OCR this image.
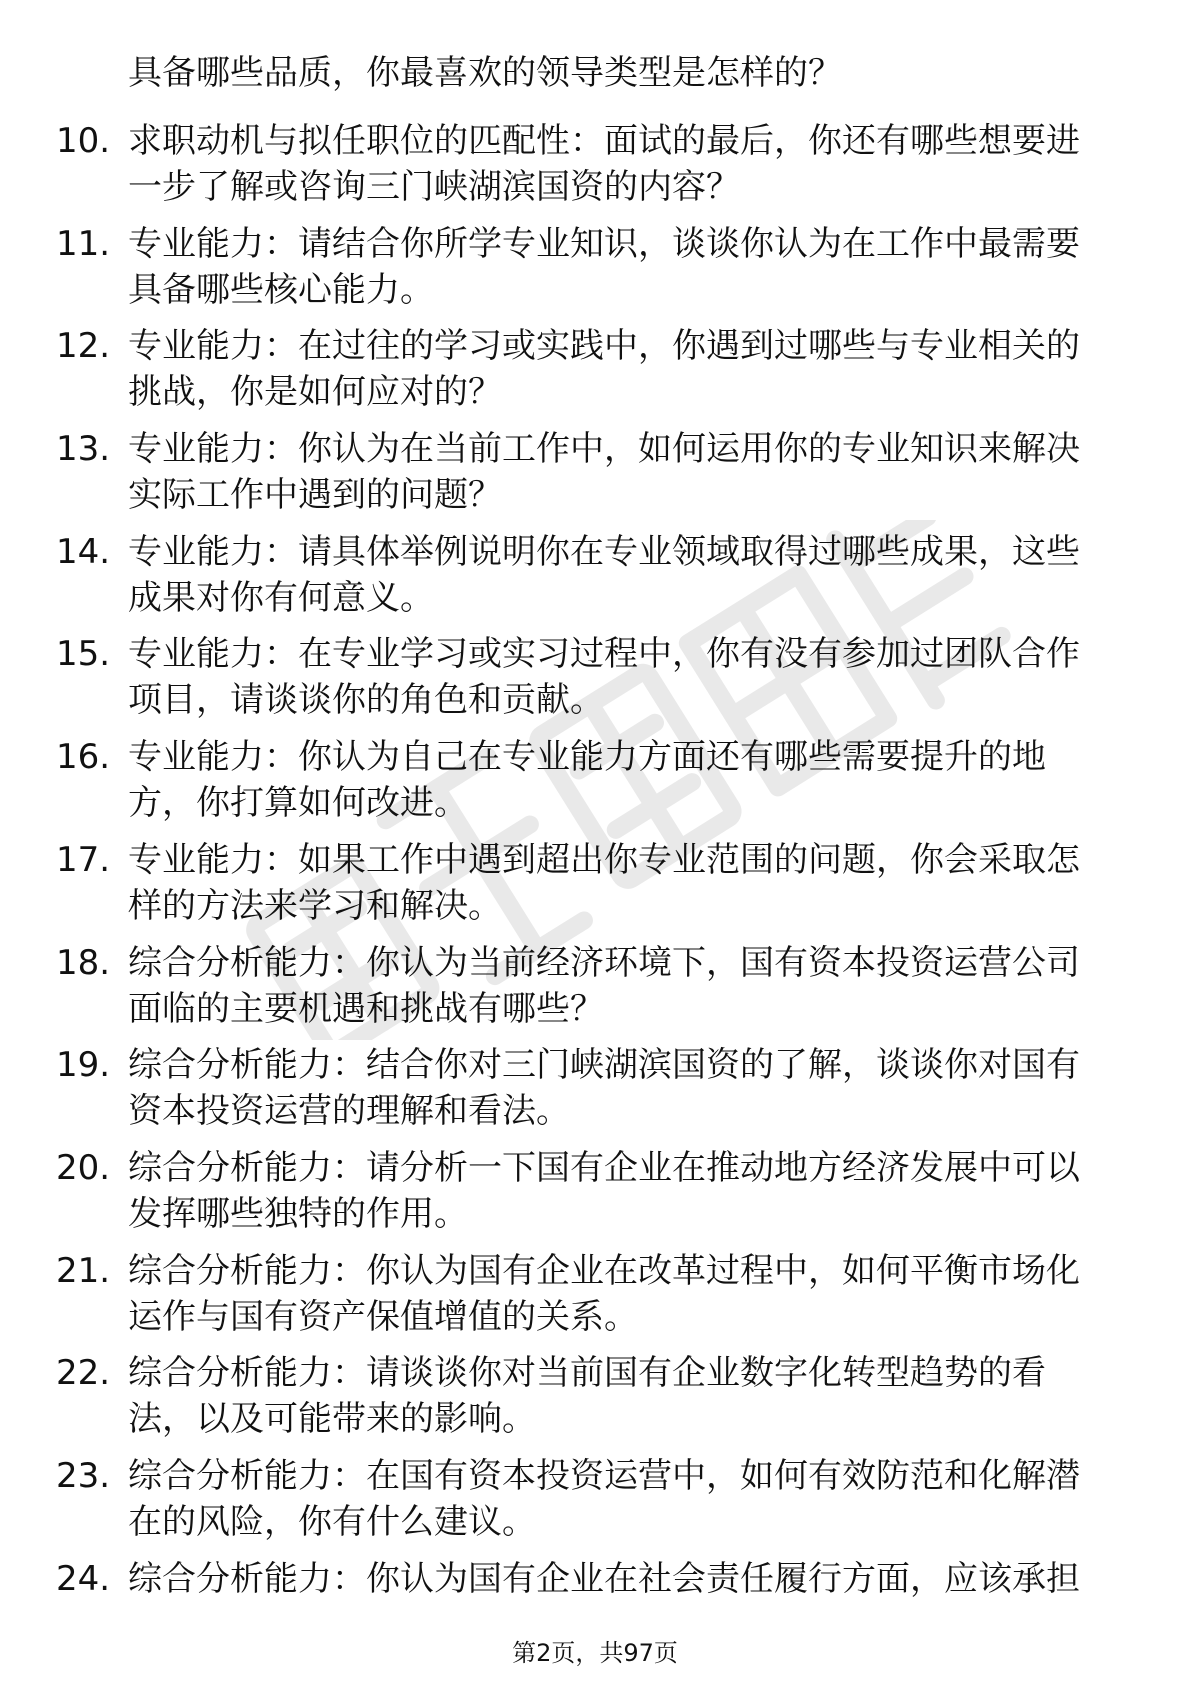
具备哪些品质，你最喜欢的领导类型是怎样的？
10. 求职动机与拟任职位的匹配性：面试的最后，你还有哪些想要进
一步了解或咨询三门峡湖滨国资的内容？
11. 专业能力：请结合你所学专业知识，谈谈你认为在工作中最需要
具备哪些核心能力。
12. 专业能力：在过往的学习或实践中，你遇到过哪些与专业相关的
挑战，你是如何应对的？
13. 专业能力：你认为在当前工作中，如何运用你的专业知识来解决
实际工作中遇到的问题？
14. 专业能力：请具体举例说明你在专业领域取得过哪些成果，这些
成果对你有何意义。
15. 专业能力：在专业学习或实习过程中，你有没有参加过团队合作
项目，请谈谈你的角色和贡献。
16. 专业能力：你认为自己在专业能力方面还有哪些需要提升的地
方，你打算如何改进。
17. 专业能力：如果工作中遇到超出你专业范围的问题，你会采取怎
样的方法来学习和解决。
18. 综合分析能力：你认为当前经济环境下，国有资本投资运营公司
面临的主要机遇和挑战有哪些？
19. 综合分析能力：结合你对三门峡湖滨国资的了解，谈谈你对国有
资本投资运营的理解和看法。
20. 综合分析能力：请分析一下国有企业在推动地方经济发展中可以
发挥哪些独特的作用。
21. 综合分析能力：你认为国有企业在改革过程中，如何平衡市场化
运作与国有资产保值增值的关系。
22. 综合分析能力：请谈谈你对当前国有企业数字化转型趋势的看
法，以及可能带来的影响。
23. 综合分析能力：在国有资本投资运营中，如何有效防范和化解潜
在的风险，你有什么建议。
24. 综合分析能力：你认为国有企业在社会责任履行方面，应该承担
第2页，共97页
